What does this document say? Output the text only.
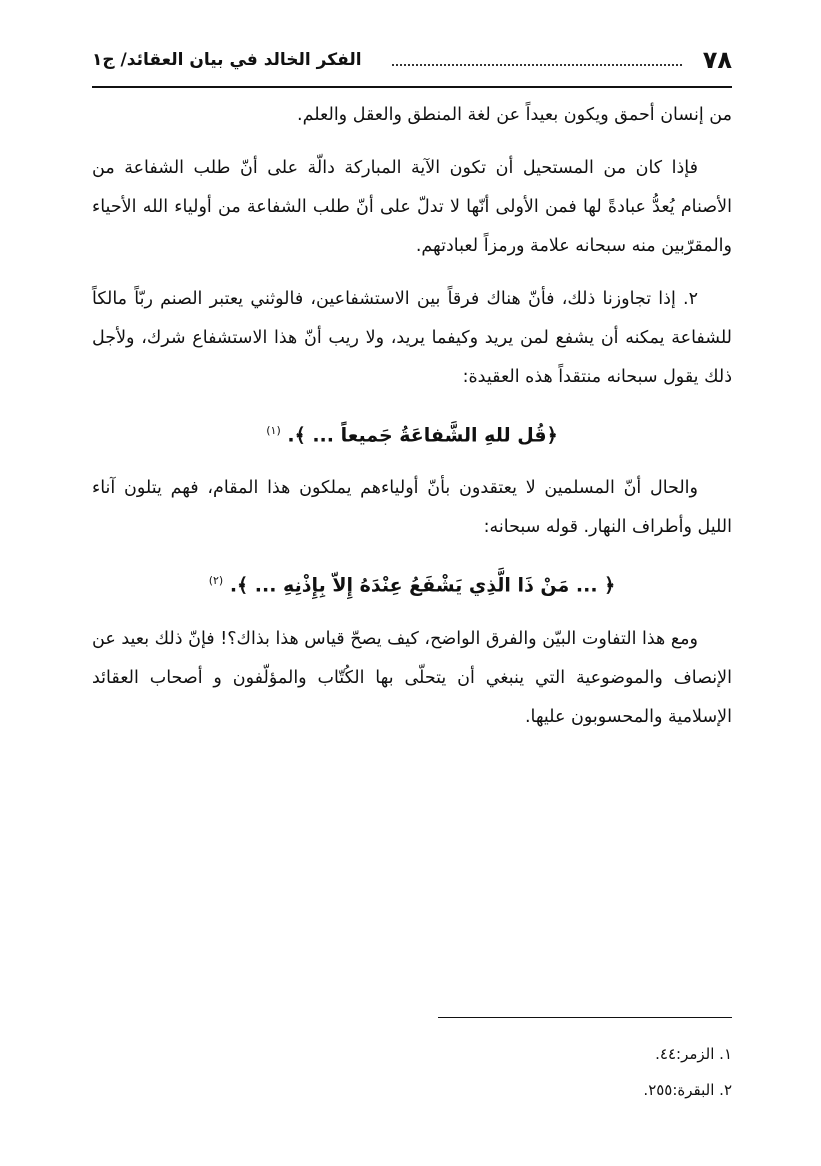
٧٨
الفكر الخالد في بيان العقائد/ ج١

من إنسان أحمق ويكون بعيداً عن لغة المنطق والعقل والعلم.

فإذا كان من المستحيل أن تكون الآية المباركة دالّة على أنّ طلب الشفاعة من الأصنام يُعدُّ عبادةً لها فمن الأولى أنّها لا تدلّ على أنّ طلب الشفاعة من أولياء الله الأحياء والمقرّبين منه سبحانه علامة ورمزاً لعبادتهم.

٢. إذا تجاوزنا ذلك، فأنّ هناك فرقاً بين الاستشفاعين، فالوثني يعتبر الصنم ربّاً مالكاً للشفاعة يمكنه أن يشفع لمن يريد وكيفما يريد، ولا ريب أنّ هذا الاستشفاع شرك، ولأجل ذلك يقول سبحانه منتقداً هذه العقيدة:

﴿قُل للهِ الشَّفاعَةُ جَميعاً ... ﴾. $^{(١)}$

والحال أنّ المسلمين لا يعتقدون بأنّ أولياءهم يملكون هذا المقام، فهم يتلون آناء الليل وأطراف النهار. قوله سبحانه:

﴿ ... مَنْ ذَا الَّذِي يَشْفَعُ عِنْدَهُ إِلاّ بِإِذْنِهِ ... ﴾. $^{(٢)}$

ومع هذا التفاوت البيّن والفرق الواضح، كيف يصحّ قياس هذا بذاك؟! فإنّ ذلك بعيد عن الإنصاف والموضوعية التي ينبغي أن يتحلّى بها الكُتّاب والمؤلّفون و أصحاب العقائد الإسلامية والمحسوبون عليها.

١. الزمر:٤٤.

٢. البقرة:٢٥٥.
